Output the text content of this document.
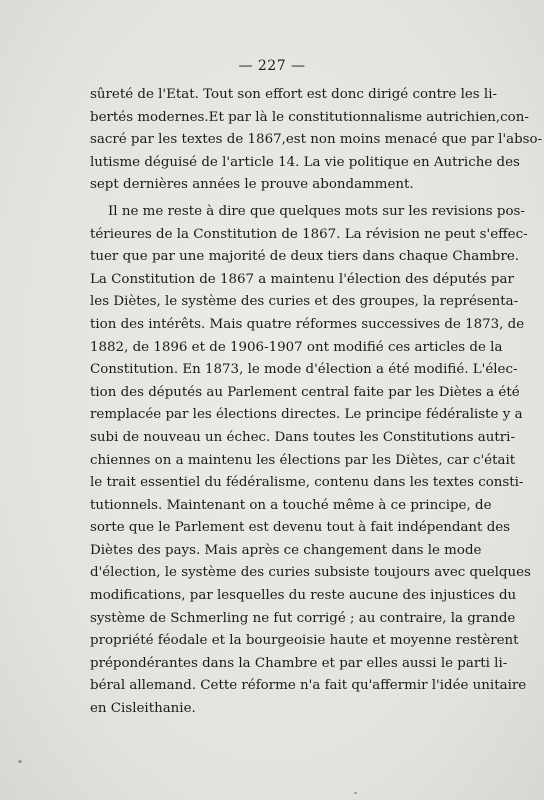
— 227 —

sûreté de l'Etat. Tout son effort est donc dirigé contre les li-
bertés modernes.Et par là le constitutionnalisme autrichien,con-
sacré par les textes de 1867,est non moins menacé que par l'abso-
lutisme déguisé de l'article 14. La vie politique en Autriche des
sept dernières années le prouve abondamment.

Il ne me reste à dire que quelques mots sur les revisions pos-
térieures de la Constitution de 1867. La révision ne peut s'effec-
tuer que par une majorité de deux tiers dans chaque Chambre.
La Constitution de 1867 a maintenu l'élection des députés par
les Diètes, le système des curies et des groupes, la représenta-
tion des intérêts. Mais quatre réformes successives de 1873, de
1882, de 1896 et de 1906-1907 ont modifié ces articles de la
Constitution. En 1873, le mode d'élection a été modifié. L'élec-
tion des députés au Parlement central faite par les Diètes a été
remplacée par les élections directes. Le principe fédéraliste y a
subi de nouveau un échec. Dans toutes les Constitutions autri-
chiennes on a maintenu les élections par les Diètes, car c'était
le trait essentiel du fédéralisme, contenu dans les textes consti-
tutionnels. Maintenant on a touché même à ce principe, de
sorte que le Parlement est devenu tout à fait indépendant des
Diètes des pays. Mais après ce changement dans le mode
d'élection, le système des curies subsiste toujours avec quelques
modifications, par lesquelles du reste aucune des injustices du
système de Schmerling ne fut corrigé ; au contraire, la grande
propriété féodale et la bourgeoisie haute et moyenne restèrent
prépondérantes dans la Chambre et par elles aussi le parti li-
béral allemand. Cette réforme n'a fait qu'affermir l'idée unitaire
en Cisleithanie.
